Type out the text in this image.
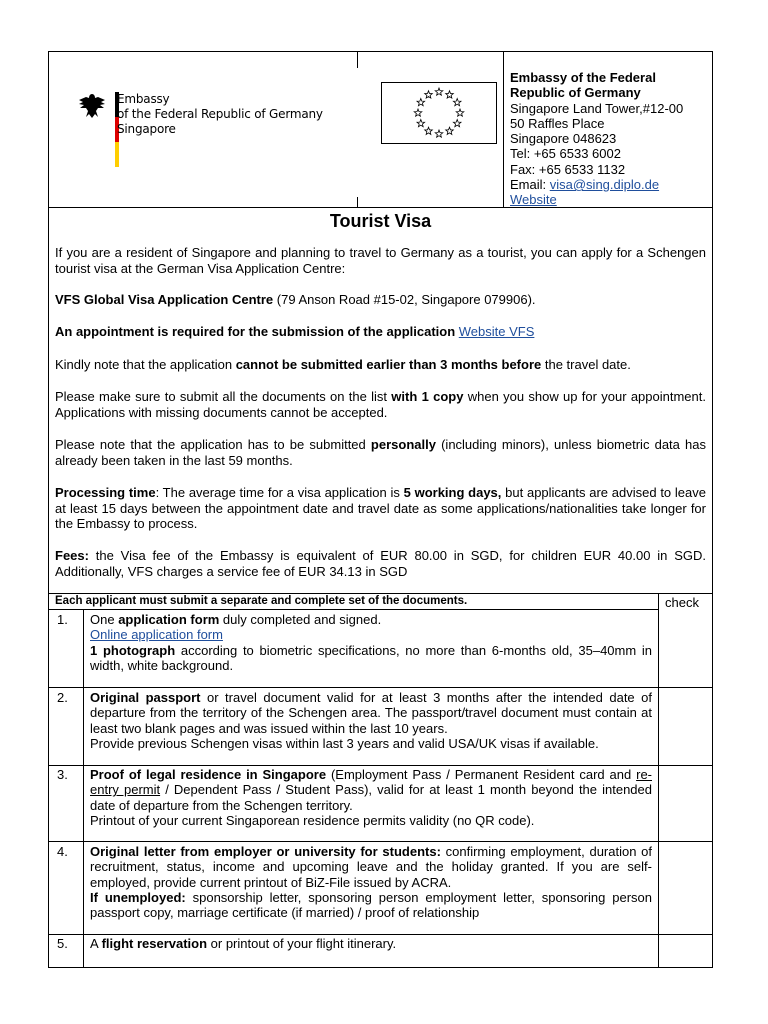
Embassy
of the Federal Republic of Germany
Singapore
Embassy of the Federal
Republic of Germany
Singapore Land Tower,#12-00
50 Raffles Place
Singapore 048623
Tel: +65 6533 6002
Fax: +65 6533 1132
Email: visa@sing.diplo.de
Website
Tourist Visa

If you are a resident of Singapore and planning to travel to Germany as a tourist, you can apply for a Schengen tourist visa at the German Visa Application Centre:

VFS Global Visa Application Centre (79 Anson Road #15-02, Singapore 079906).

An appointment is required for the submission of the application Website VFS

Kindly note that the application cannot be submitted earlier than 3 months before the travel date.

Please make sure to submit all the documents on the list with 1 copy when you show up for your appointment. Applications with missing documents cannot be accepted.

Please note that the application has to be submitted personally (including minors), unless biometric data has already been taken in the last 59 months.

Processing time: The average time for a visa application is 5 working days, but applicants are advised to leave at least 15 days between the appointment date and travel date as some applications/nationalities take longer for the Embassy to process.

Fees: the Visa fee of the Embassy is equivalent of EUR 80.00 in SGD, for children EUR 40.00 in SGD. Additionally, VFS charges a service fee of EUR 34.13 in SGD

Each applicant must submit a separate and complete set of the documents.	check
1. One application form duly completed and signed.
Online application form
1 photograph according to biometric specifications, no more than 6-months old, 35–40mm in width, white background.
2. Original passport or travel document valid for at least 3 months after the intended date of departure from the territory of the Schengen area. The passport/travel document must contain at least two blank pages and was issued within the last 10 years.
Provide previous Schengen visas within last 3 years and valid USA/UK visas if available.
3. Proof of legal residence in Singapore (Employment Pass / Permanent Resident card and re-entry permit / Dependent Pass / Student Pass), valid for at least 1 month beyond the intended date of departure from the Schengen territory.
Printout of your current Singaporean residence permits validity (no QR code).
4. Original letter from employer or university for students: confirming employment, duration of recruitment, status, income and upcoming leave and the holiday granted. If you are self-employed, provide current printout of BiZ-File issued by ACRA.
If unemployed: sponsorship letter, sponsoring person employment letter, sponsoring person passport copy, marriage certificate (if married) / proof of relationship
5. A flight reservation or printout of your flight itinerary.
